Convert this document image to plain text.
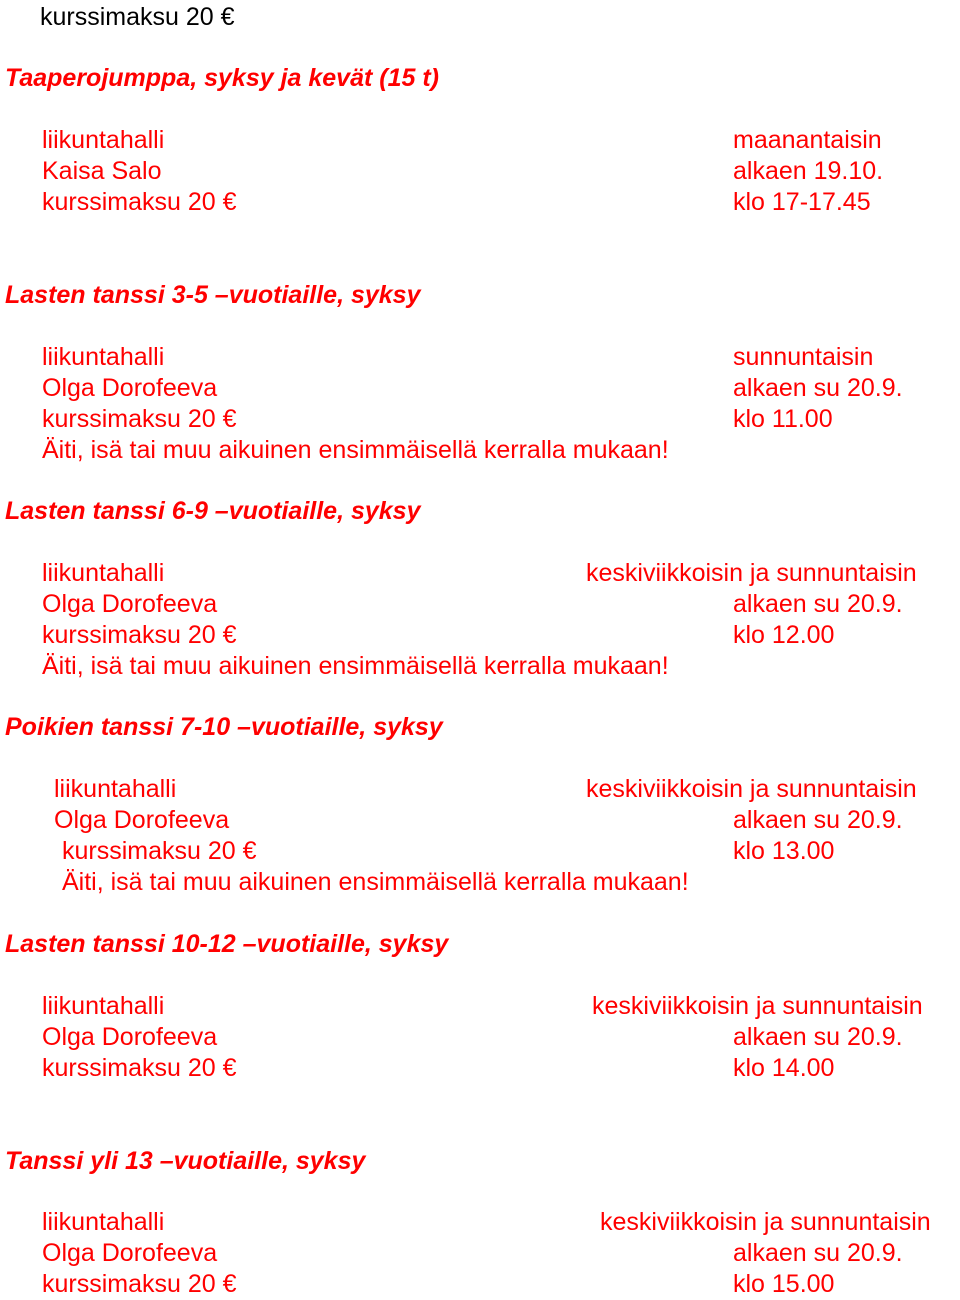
kurssimaksu 20 €
Taaperojumppa, syksy ja kevät (15 t)
liikuntahalli
Kaisa Salo
kurssimaksu 20 €
maanantaisin
alkaen 19.10.
klo 17-17.45
Lasten tanssi 3-5 –vuotiaille, syksy
liikuntahalli
Olga Dorofeeva
kurssimaksu 20 €
Äiti, isä tai muu aikuinen ensimmäisellä kerralla mukaan!
sunnuntaisin
alkaen su 20.9.
klo 11.00
Lasten tanssi 6-9 –vuotiaille, syksy
liikuntahalli
Olga Dorofeeva
kurssimaksu 20 €
Äiti, isä tai muu aikuinen ensimmäisellä kerralla mukaan!
keskiviikkoisin ja sunnuntaisin
alkaen su 20.9.
klo 12.00
Poikien tanssi 7-10 –vuotiaille, syksy
liikuntahalli
Olga Dorofeeva
kurssimaksu 20 €
Äiti, isä tai muu aikuinen ensimmäisellä kerralla mukaan!
keskiviikkoisin ja sunnuntaisin
alkaen su 20.9.
klo 13.00
Lasten tanssi 10-12 –vuotiaille, syksy
liikuntahalli
Olga Dorofeeva
kurssimaksu 20 €
keskiviikkoisin ja sunnuntaisin
alkaen su 20.9.
klo 14.00
Tanssi yli 13 –vuotiaille, syksy
liikuntahalli
Olga Dorofeeva
kurssimaksu 20 €
keskiviikkoisin ja sunnuntaisin
alkaen su 20.9.
klo 15.00
